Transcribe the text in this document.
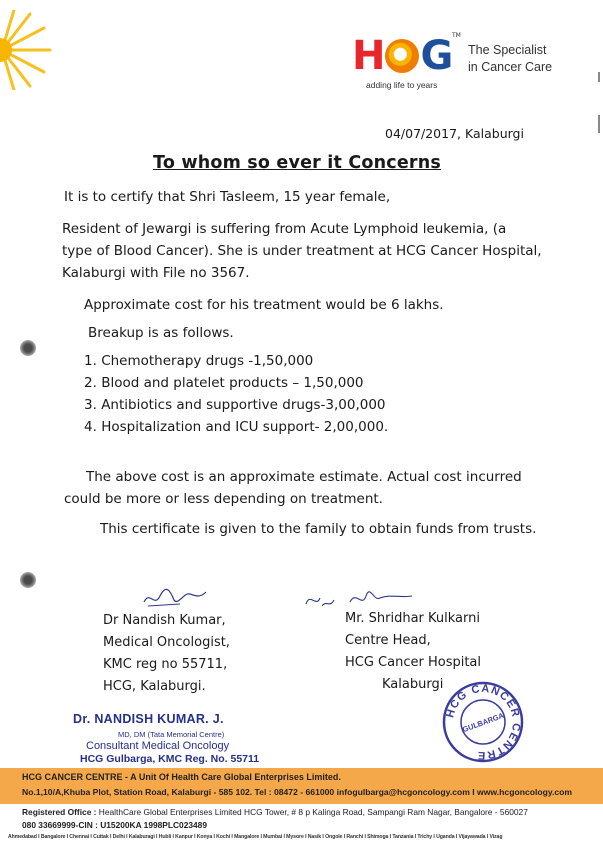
H G TM
The Specialist
in Cancer Care
adding life to years
04/07/2017, Kalaburgi
To whom so ever it Concerns
It is to certify that Shri Tasleem, 15 year female,
Resident of Jewargi is suffering from Acute Lymphoid leukemia, (a
type of Blood Cancer). She is under treatment at HCG Cancer Hospital,
Kalaburgi with File no 3567.
Approximate cost for his treatment would be 6 lakhs.
Breakup is as follows.
1. Chemotherapy drugs -1,50,000
2. Blood and platelet products – 1,50,000
3. Antibiotics and supportive drugs-3,00,000
4. Hospitalization and ICU support- 2,00,000.
The above cost is an approximate estimate. Actual cost incurred
could be more or less depending on treatment.
This certificate is given to the family to obtain funds from trusts.
Dr Nandish Kumar,
Medical Oncologist,
KMC reg no 55711,
HCG, Kalaburgi.
Mr. Shridhar Kulkarni
Centre Head,
HCG Cancer Hospital
Kalaburgi
Dr. NANDISH KUMAR. J.
MD, DM (Tata Memorial Centre)
Consultant Medical Oncology
HCG Gulbarga, KMC Reg. No. 55711
HCG CANCER CENTRE
GULBARGA
HCG CANCER CENTRE - A Unit Of Health Care Global Enterprises Limited.
No.1,10/A,Khuba Plot, Station Road, Kalaburgi - 585 102. Tel : 08472 - 661000 infogulbarga@hcgoncology.com I www.hcgoncology.com
Registered Office : HealthCare Global Enterprises Limited HCG Tower, # 8 p Kalinga Road, Sampangi Ram Nagar, Bangalore - 560027
080 33669999-CIN : U15200KA 1998PLC023489
Ahmedabad I Bangalore I Chennai I Cuttak I Delhi I Kalaburagi I Hubli I Kanpur I Konya I Kochi I Mangalore I Mumbai I Mysore I Nasik I Ongole I Ranchi I Shimoga I Tanzania I Trichy I Uganda I Vijayawada I Vizag
